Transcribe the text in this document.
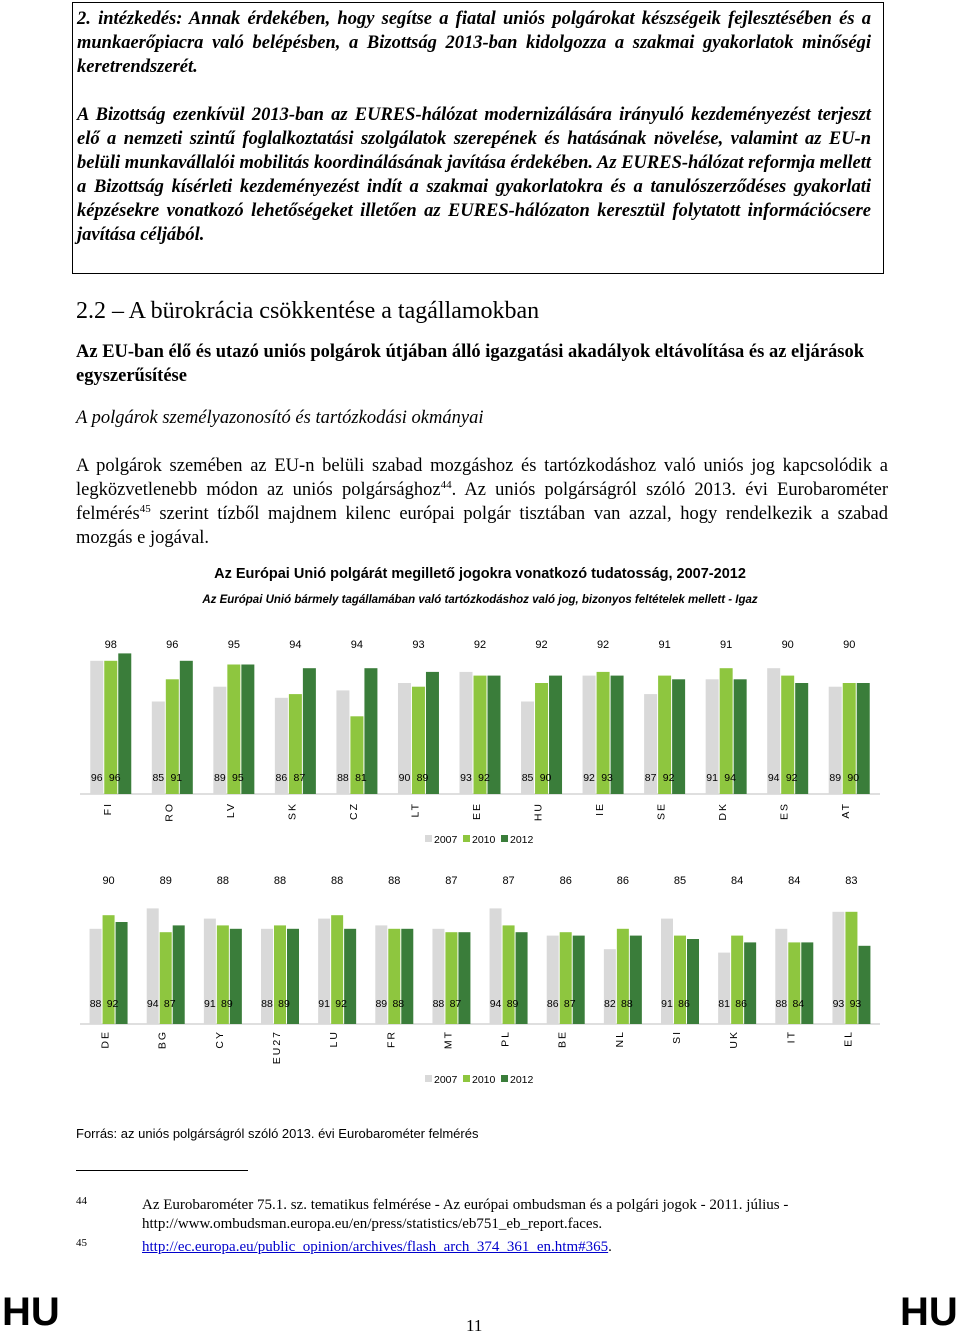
2. intézkedés: Annak érdekében, hogy segítse a fiatal uniós polgárokat készségeik fejlesztésében és a munkaerőpiacra való belépésben, a Bizottság 2013-ban kidolgozza a szakmai gyakorlatok minőségi keretrendszerét.

A Bizottság ezenkívül 2013-ban az EURES-hálózat modernizálására irányuló kezdeményezést terjeszt elő a nemzeti szintű foglalkoztatási szolgálatok szerepének és hatásának növelése, valamint az EU-n belüli munkavállalói mobilitás koordinálásának javítása érdekében. Az EURES-hálózat reformja mellett a Bizottság kísérleti kezdeményezést indít a szakmai gyakorlatokra és a tanulószerződéses gyakorlati képzésekre vonatkozó lehetőségeket illetően az EURES-hálózaton keresztül folytatott információcsere javítása céljából.

2.2 – A bürokrácia csökkentése a tagállamokban

Az EU-ban élő és utazó uniós polgárok útjában álló igazgatási akadályok eltávolítása és az eljárások egyszerűsítése

A polgárok személyazonosító és tartózkodási okmányai

A polgárok szemében az EU-n belüli szabad mozgáshoz és tartózkodáshoz való uniós jog kapcsolódik a legközvetlenebb módon az uniós polgársághoz$^{44}$. Az uniós polgárságról szóló 2013. évi Eurobarométer felmérés$^{45}$ szerint tízből majdnem kilenc európai polgár tisztában van azzal, hogy rendelkezik a szabad mozgás e jogával.

Az Európai Unió polgárát megillető jogokra vonatkozó tudatosság, 2007-2012
Az Európai Unió bármely tagállamában való tartózkodáshoz való jog, bizonyos feltételek mellett - Igaz
98
96 96
FI
96
85 91
RO
95
89 95
LV
94
86 87
SK
94
88 81
CZ
93
90 89
LT
92
93 92
EE
92
85 90
HU
92
92 93
IE
91
87 92
SE
91
91 94
DK
90
94 92
ES
90
89 90
AT
2007 2010 2012
90
88 92
DE
89
94 87
BG
88
91 89
CY
88
88 89
EU27
88
91 92
LU
88
89 88
FR
87
88 87
MT
87
94 89
PL
86
86 87
BE
86
82 88
NL
85
91 86
SI
84
81 86
UK
84
88 84
IT
83
93 93
EL
2007 2010 2012

Forrás: az uniós polgárságról szóló 2013. évi Eurobarométer felmérés

44	Az Eurobarométer 75.1. sz. tematikus felmérése - Az európai ombudsman és a polgári jogok - 2011. július - http://www.ombudsman.europa.eu/en/press/statistics/eb751_eb_report.faces.
45	http://ec.europa.eu/public_opinion/archives/flash_arch_374_361_en.htm#365.
HU	11	HU
